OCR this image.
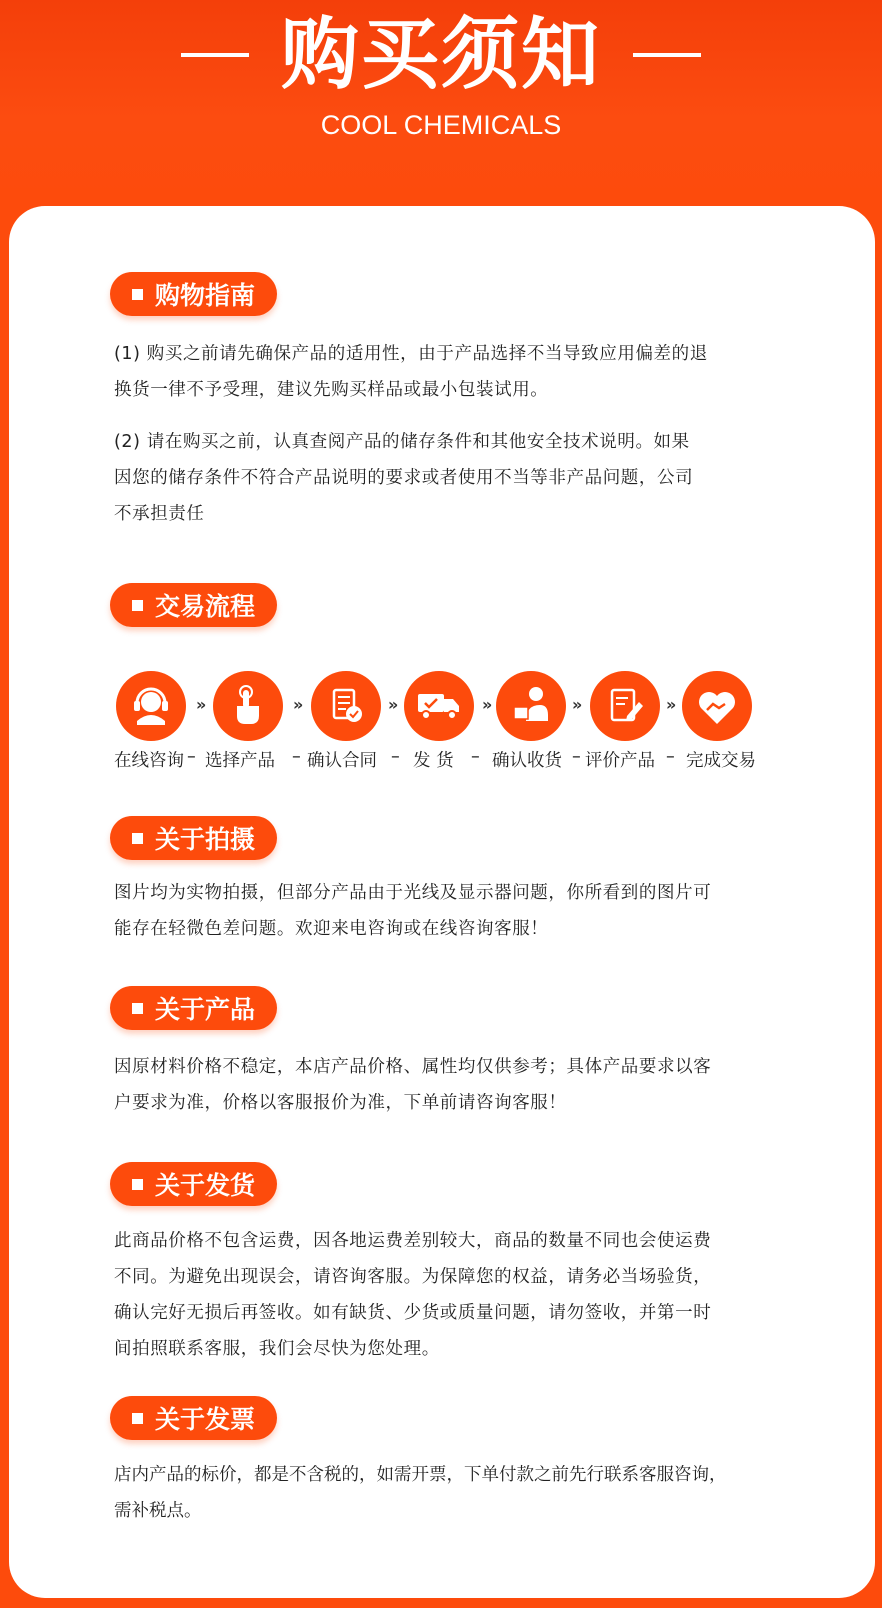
购买须知
COOL CHEMICALS
购物指南
(1) 购买之前请先确保产品的适用性，由于产品选择不当导致应用偏差的退
换货一律不予受理，建议先购买样品或最小包装试用。
(2) 请在购买之前，认真查阅产品的储存条件和其他安全技术说明。如果
因您的储存条件不符合产品说明的要求或者使用不当等非产品问题，公司
不承担责任
交易流程
»	»	»	»	»	»
在线咨询 – 选择产品 – 确认合同 – 发 货 – 确认收货 – 评价产品 – 完成交易
关于拍摄
图片均为实物拍摄，但部分产品由于光线及显示器问题，你所看到的图片可
能存在轻微色差问题。欢迎来电咨询或在线咨询客服！
关于产品
因原材料价格不稳定，本店产品价格、属性均仅供参考；具体产品要求以客
户要求为准，价格以客服报价为准，下单前请咨询客服！
关于发货
此商品价格不包含运费，因各地运费差别较大，商品的数量不同也会使运费
不同。为避免出现误会，请咨询客服。为保障您的权益，请务必当场验货，
确认完好无损后再签收。如有缺货、少货或质量问题，请勿签收，并第一时
间拍照联系客服，我们会尽快为您处理。
关于发票
店内产品的标价，都是不含税的，如需开票，下单付款之前先行联系客服咨询，
需补税点。
